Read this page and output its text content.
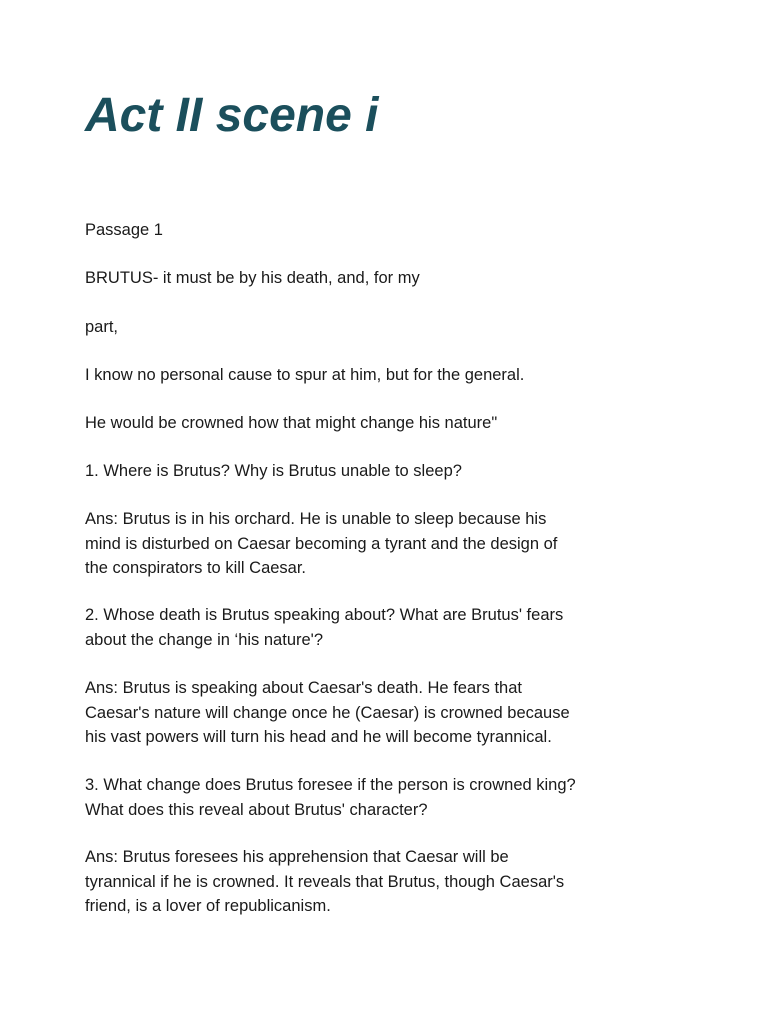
Act II scene i

Passage 1

BRUTUS- it must be by his death, and, for my

part,

I know no personal cause to spur at him, but for the general.

He would be crowned how that might change his nature"

1. Where is Brutus? Why is Brutus unable to sleep?

Ans: Brutus is in his orchard. He is unable to sleep because his
mind is disturbed on Caesar becoming a tyrant and the design of
the conspirators to kill Caesar.

2. Whose death is Brutus speaking about? What are Brutus' fears
about the change in ‘his nature'?

Ans: Brutus is speaking about Caesar's death. He fears that
Caesar's nature will change once he (Caesar) is crowned because
his vast powers will turn his head and he will become tyrannical.

3. What change does Brutus foresee if the person is crowned king?
What does this reveal about Brutus' character?

Ans: Brutus foresees his apprehension that Caesar will be
tyrannical if he is crowned. It reveals that Brutus, though Caesar's
friend, is a lover of republicanism.
